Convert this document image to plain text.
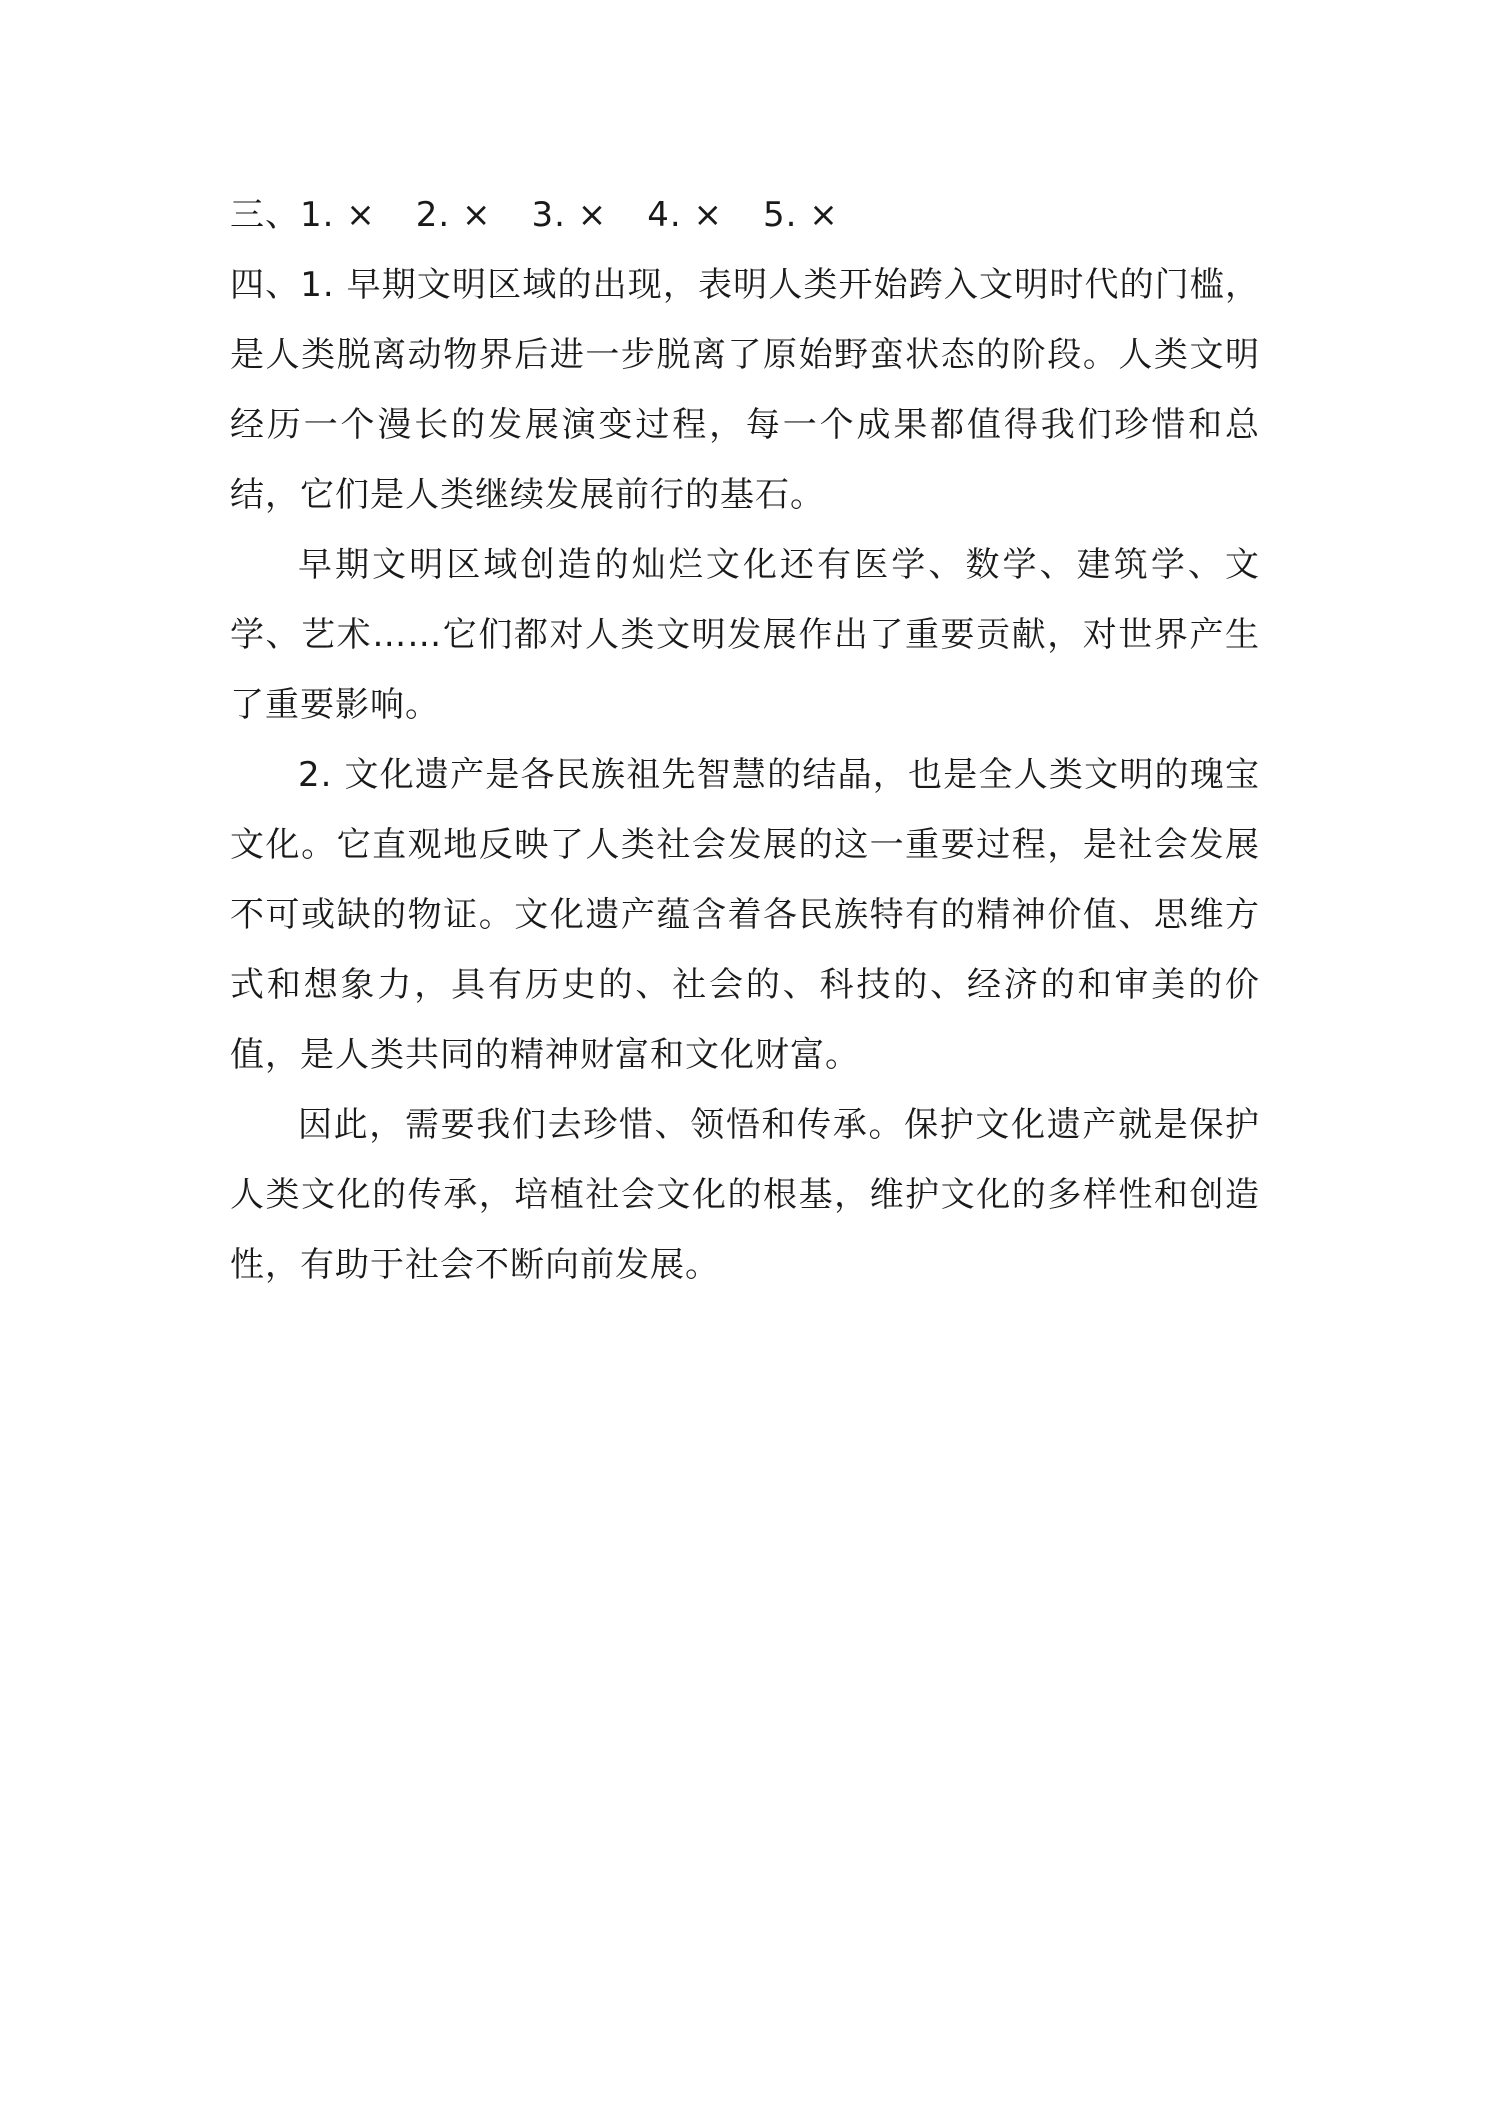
三、1. × 2. × 3. × 4. × 5. ×

四、1. 早期文明区域的出现，表明人类开始跨入文明时代的门槛，是人类脱离动物界后进一步脱离了原始野蛮状态的阶段。人类文明经历一个漫长的发展演变过程，每一个成果都值得我们珍惜和总结，它们是人类继续发展前行的基石。

早期文明区域创造的灿烂文化还有医学、数学、建筑学、文学、艺术……它们都对人类文明发展作出了重要贡献，对世界产生了重要影响。

2. 文化遗产是各民族祖先智慧的结晶，也是全人类文明的瑰宝文化。它直观地反映了人类社会发展的这一重要过程，是社会发展不可或缺的物证。文化遗产蕴含着各民族特有的精神价值、思维方式和想象力，具有历史的、社会的、科技的、经济的和审美的价值，是人类共同的精神财富和文化财富。

因此，需要我们去珍惜、领悟和传承。保护文化遗产就是保护人类文化的传承，培植社会文化的根基，维护文化的多样性和创造性，有助于社会不断向前发展。
